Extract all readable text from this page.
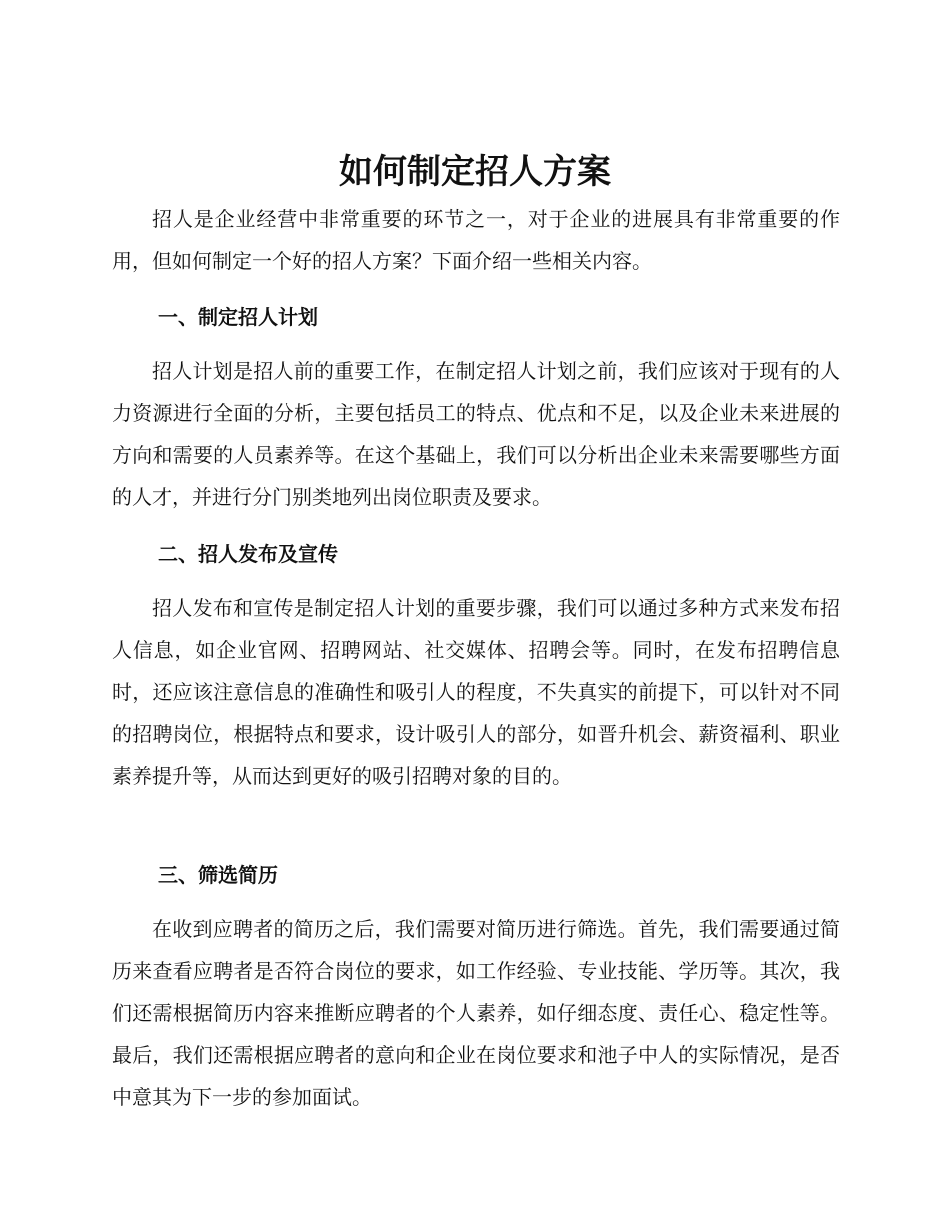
如何制定招人方案

招人是企业经营中非常重要的环节之一，对于企业的进展具有非常重要的作用，但如何制定一个好的招人方案？下面介绍一些相关内容。

一、制定招人计划

招人计划是招人前的重要工作，在制定招人计划之前，我们应该对于现有的人力资源进行全面的分析，主要包括员工的特点、优点和不足，以及企业未来进展的方向和需要的人员素养等。在这个基础上，我们可以分析出企业未来需要哪些方面的人才，并进行分门别类地列出岗位职责及要求。

二、招人发布及宣传

招人发布和宣传是制定招人计划的重要步骤，我们可以通过多种方式来发布招人信息，如企业官网、招聘网站、社交媒体、招聘会等。同时，在发布招聘信息时，还应该注意信息的准确性和吸引人的程度，不失真实的前提下，可以针对不同的招聘岗位，根据特点和要求，设计吸引人的部分，如晋升机会、薪资福利、职业素养提升等，从而达到更好的吸引招聘对象的目的。

三、筛选简历

在收到应聘者的简历之后，我们需要对简历进行筛选。首先，我们需要通过简历来查看应聘者是否符合岗位的要求，如工作经验、专业技能、学历等。其次，我们还需根据简历内容来推断应聘者的个人素养，如仔细态度、责任心、稳定性等。最后，我们还需根据应聘者的意向和企业在岗位要求和池子中人的实际情况，是否中意其为下一步的参加面试。
